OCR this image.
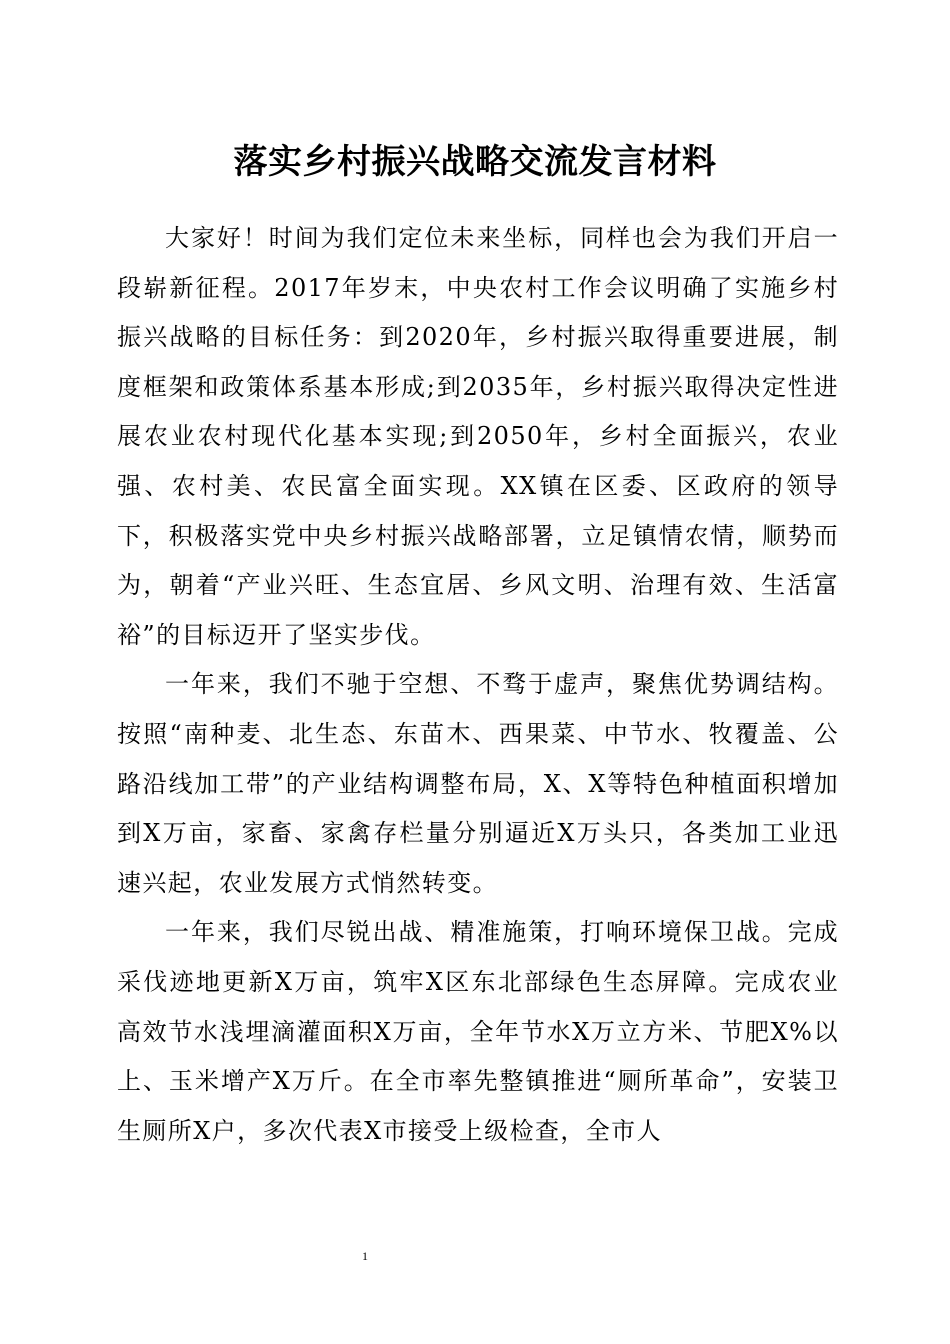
落实乡村振兴战略交流发言材料

大家好！时间为我们定位未来坐标，同样也会为我们开启一段崭新征程。2017年岁末，中央农村工作会议明确了实施乡村振兴战略的目标任务：到2020年，乡村振兴取得重要进展，制度框架和政策体系基本形成;到2035年，乡村振兴取得决定性进展农业农村现代化基本实现;到2050年，乡村全面振兴，农业强、农村美、农民富全面实现。XX镇在区委、区政府的领导下，积极落实党中央乡村振兴战略部署，立足镇情农情，顺势而为，朝着“产业兴旺、生态宜居、乡风文明、治理有效、生活富裕”的目标迈开了坚实步伐。

一年来，我们不驰于空想、不骛于虚声，聚焦优势调结构。按照“南种麦、北生态、东苗木、西果菜、中节水、牧覆盖、公路沿线加工带”的产业结构调整布局，X、X等特色种植面积增加到X万亩，家畜、家禽存栏量分别逼近X万头只，各类加工业迅速兴起，农业发展方式悄然转变。

一年来，我们尽锐出战、精准施策，打响环境保卫战。完成采伐迹地更新X万亩，筑牢X区东北部绿色生态屏障。完成农业高效节水浅埋滴灌面积X万亩，全年节水X万立方米、节肥X%以上、玉米增产X万斤。在全市率先整镇推进“厕所革命”，安装卫生厕所X户，多次代表X市接受上级检查，全市人

1
